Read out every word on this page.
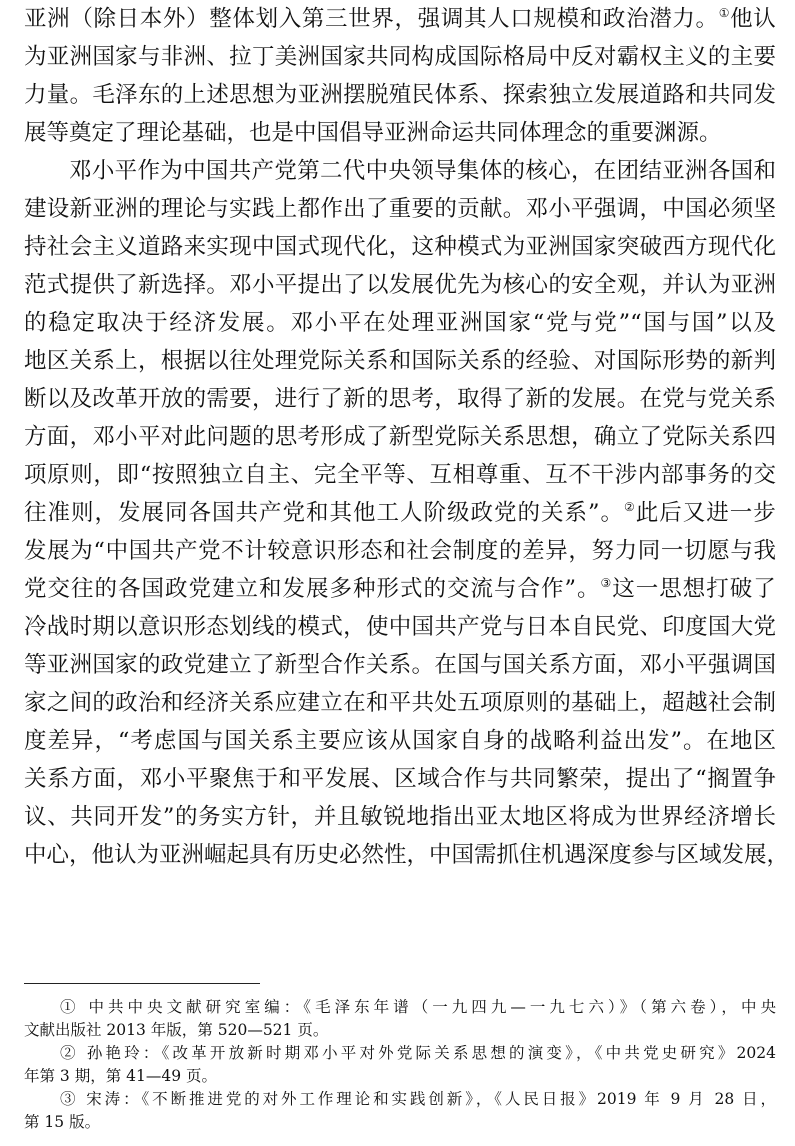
亚洲（除日本外）整体划入第三世界，强调其人口规模和政治潜力。①他认
为亚洲国家与非洲、拉丁美洲国家共同构成国际格局中反对霸权主义的主要
力量。毛泽东的上述思想为亚洲摆脱殖民体系、探索独立发展道路和共同发
展等奠定了理论基础，也是中国倡导亚洲命运共同体理念的重要渊源。
邓小平作为中国共产党第二代中央领导集体的核心，在团结亚洲各国和
建设新亚洲的理论与实践上都作出了重要的贡献。邓小平强调，中国必须坚
持社会主义道路来实现中国式现代化，这种模式为亚洲国家突破西方现代化
范式提供了新选择。邓小平提出了以发展优先为核心的安全观，并认为亚洲
的稳定取决于经济发展。邓小平在处理亚洲国家“党与党”“国与国”以及
地区关系上，根据以往处理党际关系和国际关系的经验、对国际形势的新判
断以及改革开放的需要，进行了新的思考，取得了新的发展。在党与党关系
方面，邓小平对此问题的思考形成了新型党际关系思想，确立了党际关系四
项原则，即“按照独立自主、完全平等、互相尊重、互不干涉内部事务的交
往准则，发展同各国共产党和其他工人阶级政党的关系”。②此后又进一步
发展为“中国共产党不计较意识形态和社会制度的差异，努力同一切愿与我
党交往的各国政党建立和发展多种形式的交流与合作”。③这一思想打破了
冷战时期以意识形态划线的模式，使中国共产党与日本自民党、印度国大党
等亚洲国家的政党建立了新型合作关系。在国与国关系方面，邓小平强调国
家之间的政治和经济关系应建立在和平共处五项原则的基础上，超越社会制
度差异，“考虑国与国关系主要应该从国家自身的战略利益出发”。在地区
关系方面，邓小平聚焦于和平发展、区域合作与共同繁荣，提出了“搁置争
议、共同开发”的务实方针，并且敏锐地指出亚太地区将成为世界经济增长
中心，他认为亚洲崛起具有历史必然性，中国需抓住机遇深度参与区域发展，
① 中共中央文献研究室编：《毛泽东年谱（一九四九—一九七六）》（第六卷），中央
文献出版社 2013 年版，第 520—521 页。
② 孙艳玲：《改革开放新时期邓小平对外党际关系思想的演变》，《中共党史研究》2024
年第 3 期，第 41—49 页。
③ 宋涛：《不断推进党的对外工作理论和实践创新》，《人民日报》2019 年 9 月 28 日，
第 15 版。
